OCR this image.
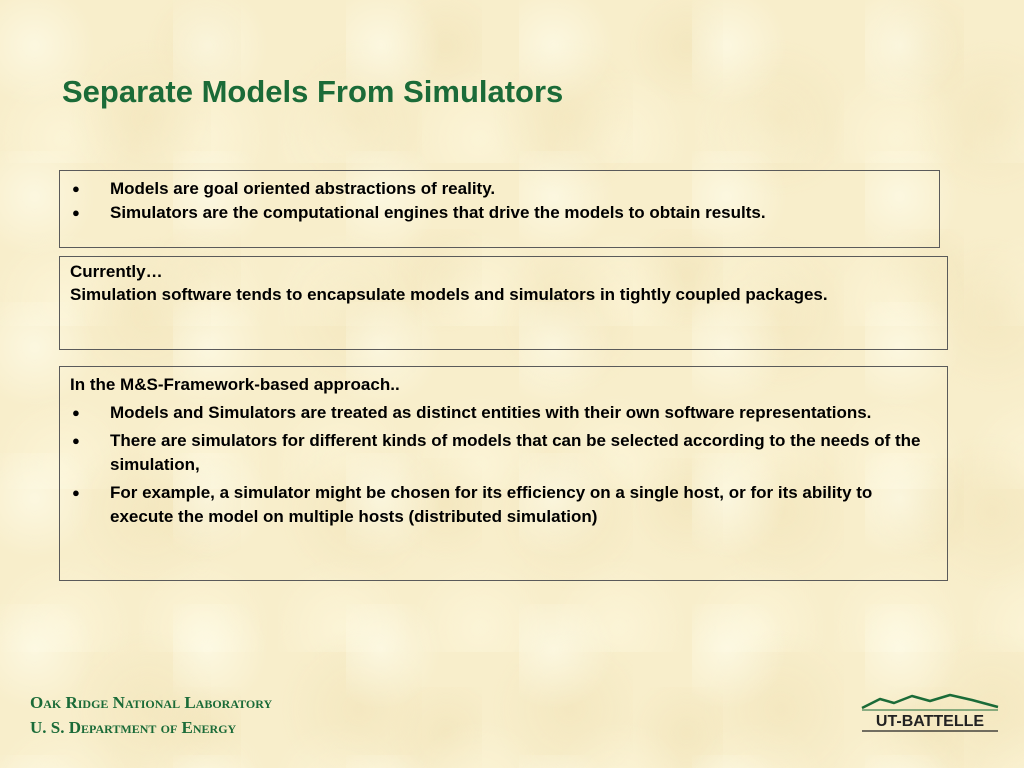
Separate Models From Simulators
● Models are goal oriented abstractions of reality.
● Simulators are the computational engines that drive the models to obtain results.
Currently…
Simulation software tends to encapsulate models and simulators in tightly coupled packages.
In the M&S-Framework-based approach..
● Models and Simulators are treated as distinct entities with their own software representations.
● There are simulators for different kinds of models that can be selected according to the needs of the simulation,
● For example, a simulator might be chosen for its efficiency on a single host, or for its ability to execute the model on multiple hosts (distributed simulation)
Oak Ridge National Laboratory
U. S. Department of Energy	UT-BATTELLE
